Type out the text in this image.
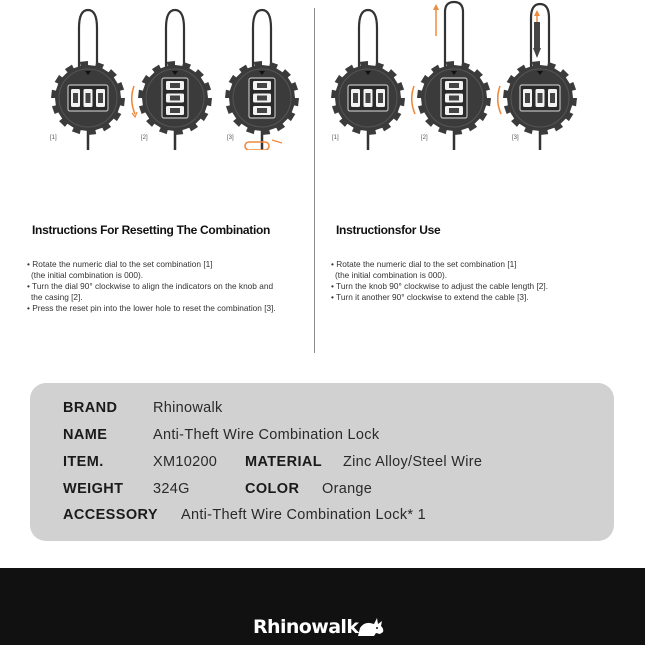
[1]	[2]	[3]	[1]	[2]	[3]
Instructions For Resetting The Combination	Instructionsfor Use
• Rotate the numeric dial to the set combination [1]
(the initial combination is 000).
• Turn the dial 90° clockwise to align the indicators on the knob and
the casing [2].
• Press the reset pin into the lower hole to reset the combination [3].
• Rotate the numeric dial to the set combination [1]
(the initial combination is 000).
• Turn the knob 90° clockwise to adjust the cable length [2].
• Turn it another 90° clockwise to extend the cable [3].
BRAND Rhinowalk
NAME	Anti-Theft Wire Combination Lock
ITEM.	XM10200 MATERIAL Zinc Alloy/Steel Wire
WEIGHT 324G	COLOR Orange
ACCESSORY Anti-Theft Wire Combination Lock* 1
Rhinowalk
